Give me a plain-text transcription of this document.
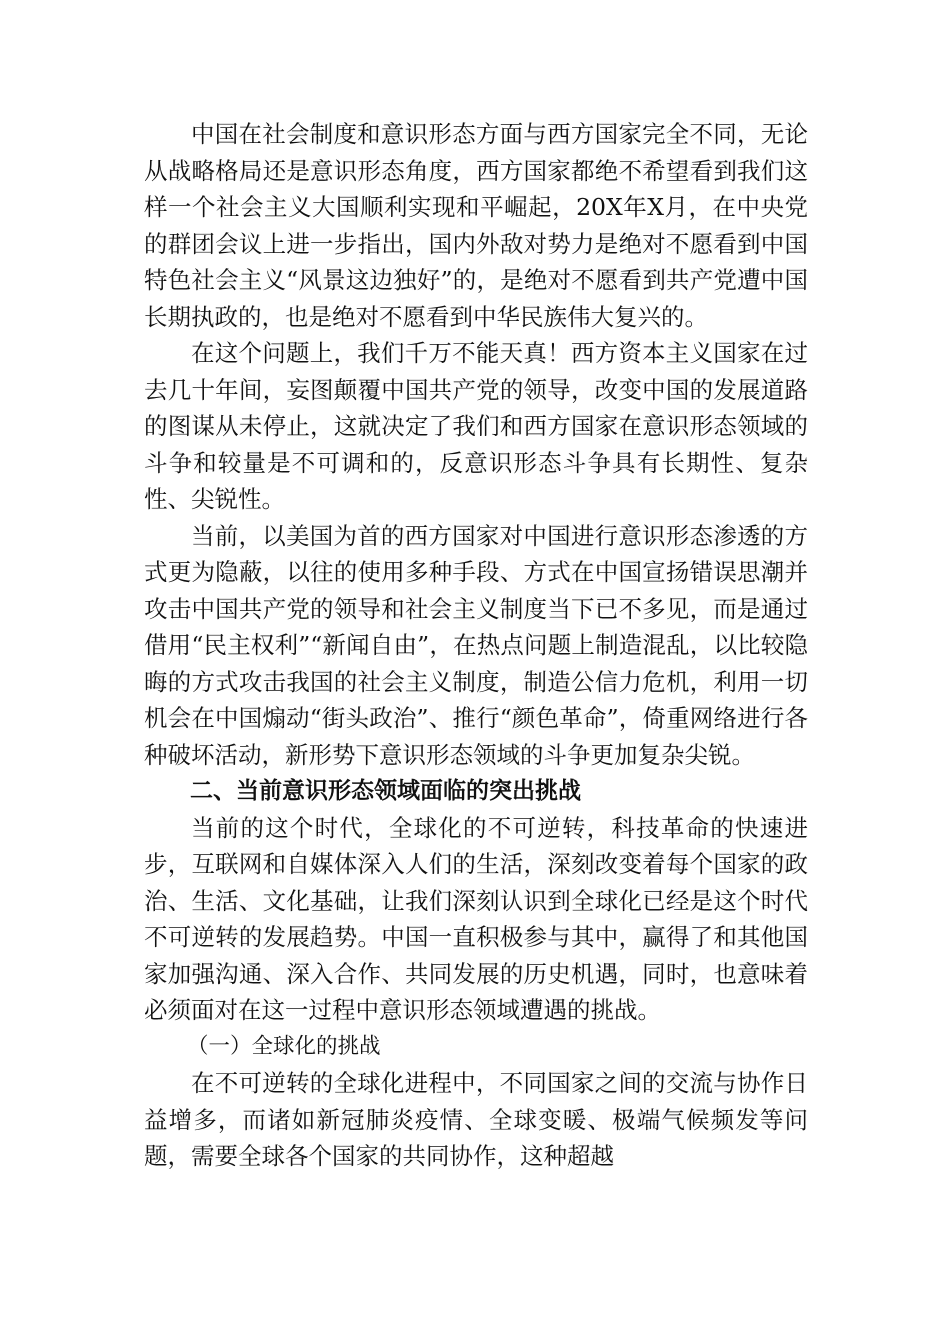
中国在社会制度和意识形态方面与西方国家完全不同，无论从战略格局还是意识形态角度，西方国家都绝不希望看到我们这样一个社会主义大国顺利实现和平崛起，20X年X月，在中央党的群团会议上进一步指出，国内外敌对势力是绝对不愿看到中国特色社会主义“风景这边独好”的，是绝对不愿看到共产党遭中国长期执政的，也是绝对不愿看到中华民族伟大复兴的。

在这个问题上，我们千万不能天真！西方资本主义国家在过去几十年间，妄图颠覆中国共产党的领导，改变中国的发展道路的图谋从未停止，这就决定了我们和西方国家在意识形态领域的斗争和较量是不可调和的，反意识形态斗争具有长期性、复杂性、尖锐性。

当前，以美国为首的西方国家对中国进行意识形态渗透的方式更为隐蔽，以往的使用多种手段、方式在中国宣扬错误思潮并攻击中国共产党的领导和社会主义制度当下已不多见，而是通过借用“民主权利”“新闻自由”，在热点问题上制造混乱，以比较隐晦的方式攻击我国的社会主义制度，制造公信力危机，利用一切机会在中国煽动“街头政治”、推行“颜色革命”，倚重网络进行各种破坏活动，新形势下意识形态领域的斗争更加复杂尖锐。

二、当前意识形态领域面临的突出挑战

当前的这个时代，全球化的不可逆转，科技革命的快速进步，互联网和自媒体深入人们的生活，深刻改变着每个国家的政治、生活、文化基础，让我们深刻认识到全球化已经是这个时代不可逆转的发展趋势。中国一直积极参与其中，赢得了和其他国家加强沟通、深入合作、共同发展的历史机遇，同时，也意味着必须面对在这一过程中意识形态领域遭遇的挑战。

（一）全球化的挑战

在不可逆转的全球化进程中，不同国家之间的交流与协作日益增多，而诸如新冠肺炎疫情、全球变暖、极端气候频发等问题，需要全球各个国家的共同协作，这种超越
